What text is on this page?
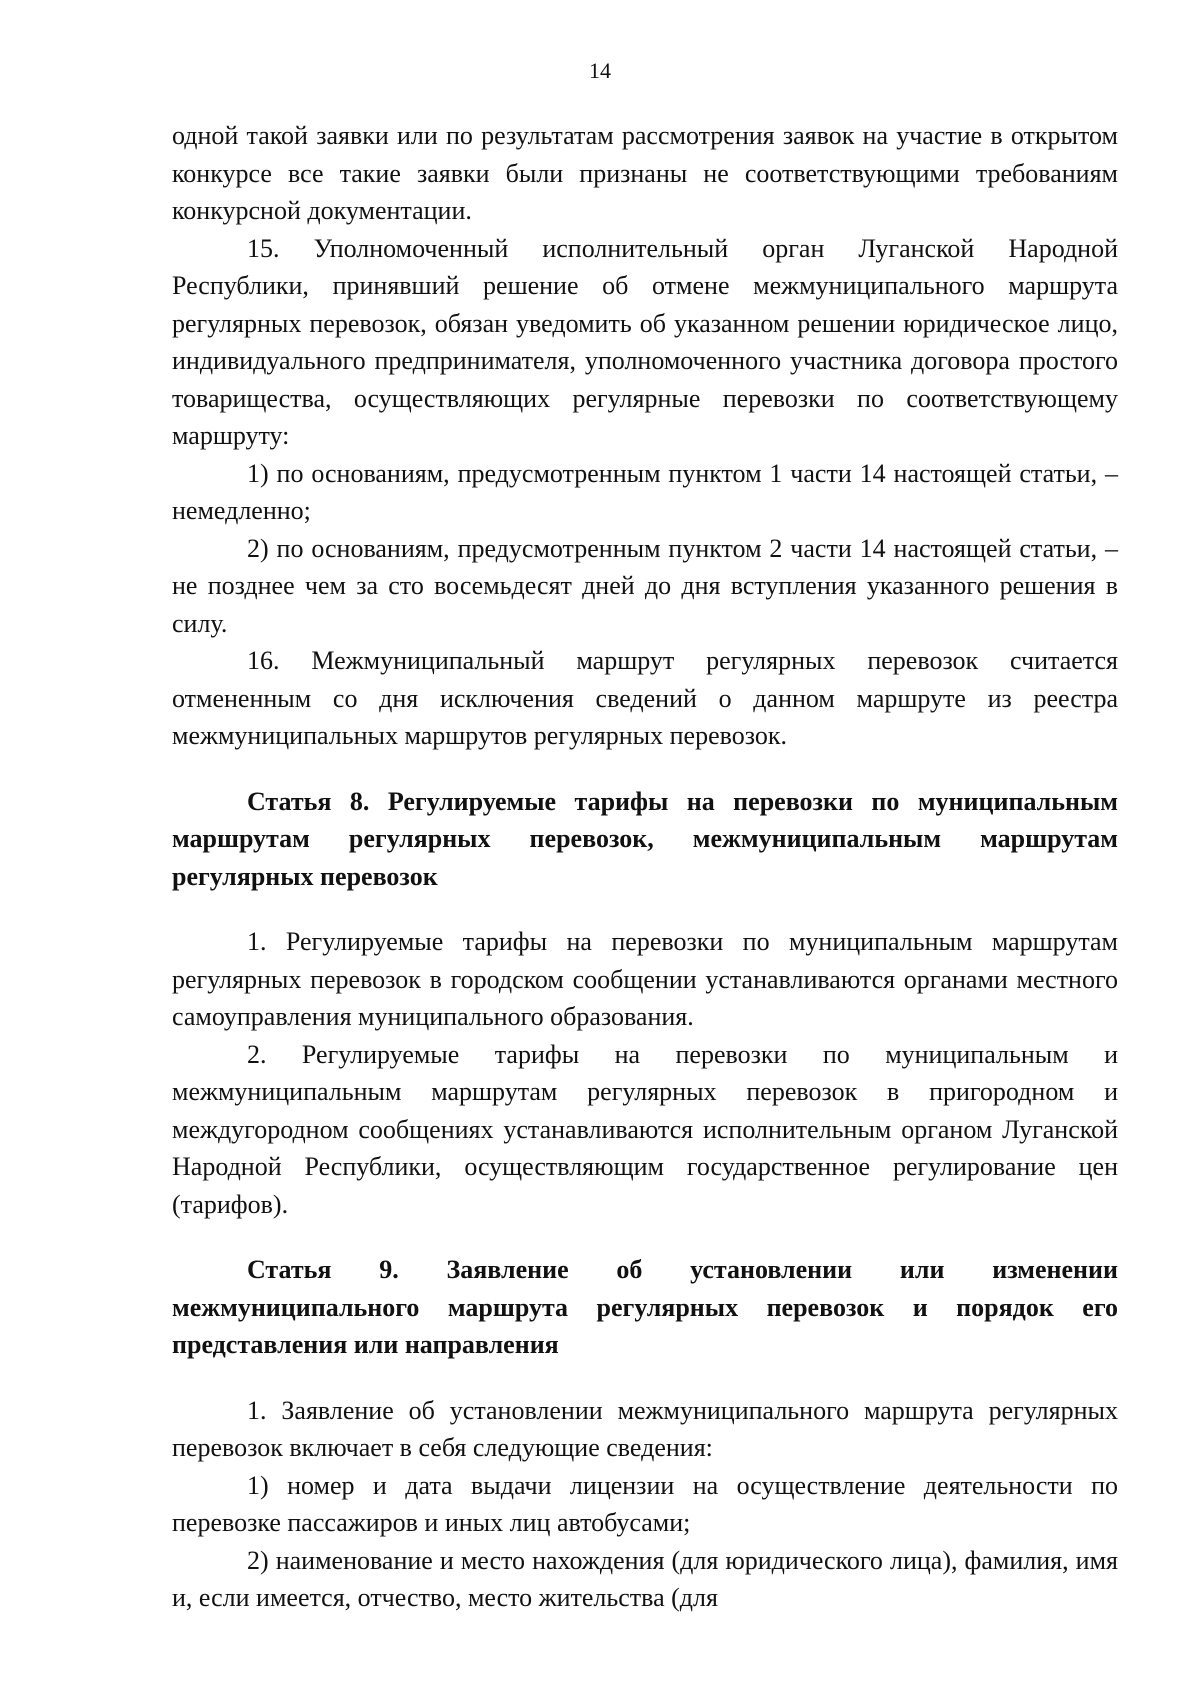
14

одной такой заявки или по результатам рассмотрения заявок на участие в открытом конкурсе все такие заявки были признаны не соответствующими требованиям конкурсной документации.

15. Уполномоченный исполнительный орган Луганской Народной Республики, принявший решение об отмене межмуниципального маршрута регулярных перевозок, обязан уведомить об указанном решении юридическое лицо, индивидуального предпринимателя, уполномоченного участника договора простого товарищества, осуществляющих регулярные перевозки по соответствующему маршруту:

1) по основаниям, предусмотренным пунктом 1 части 14 настоящей статьи, – немедленно;

2) по основаниям, предусмотренным пунктом 2 части 14 настоящей статьи, – не позднее чем за сто восемьдесят дней до дня вступления указанного решения в силу.

16. Межмуниципальный маршрут регулярных перевозок считается отмененным со дня исключения сведений о данном маршруте из реестра межмуниципальных маршрутов регулярных перевозок.

Статья 8. Регулируемые тарифы на перевозки по муниципальным маршрутам регулярных перевозок, межмуниципальным маршрутам регулярных перевозок

1. Регулируемые тарифы на перевозки по муниципальным маршрутам регулярных перевозок в городском сообщении устанавливаются органами местного самоуправления муниципального образования.

2. Регулируемые тарифы на перевозки по муниципальным и межмуниципальным маршрутам регулярных перевозок в пригородном и междугородном сообщениях устанавливаются исполнительным органом Луганской Народной Республики, осуществляющим государственное регулирование цен (тарифов).

Статья 9. Заявление об установлении или изменении межмуниципального маршрута регулярных перевозок и порядок его представления или направления

1. Заявление об установлении межмуниципального маршрута регулярных перевозок включает в себя следующие сведения:

1) номер и дата выдачи лицензии на осуществление деятельности по перевозке пассажиров и иных лиц автобусами;

2) наименование и место нахождения (для юридического лица), фамилия, имя и, если имеется, отчество, место жительства (для
